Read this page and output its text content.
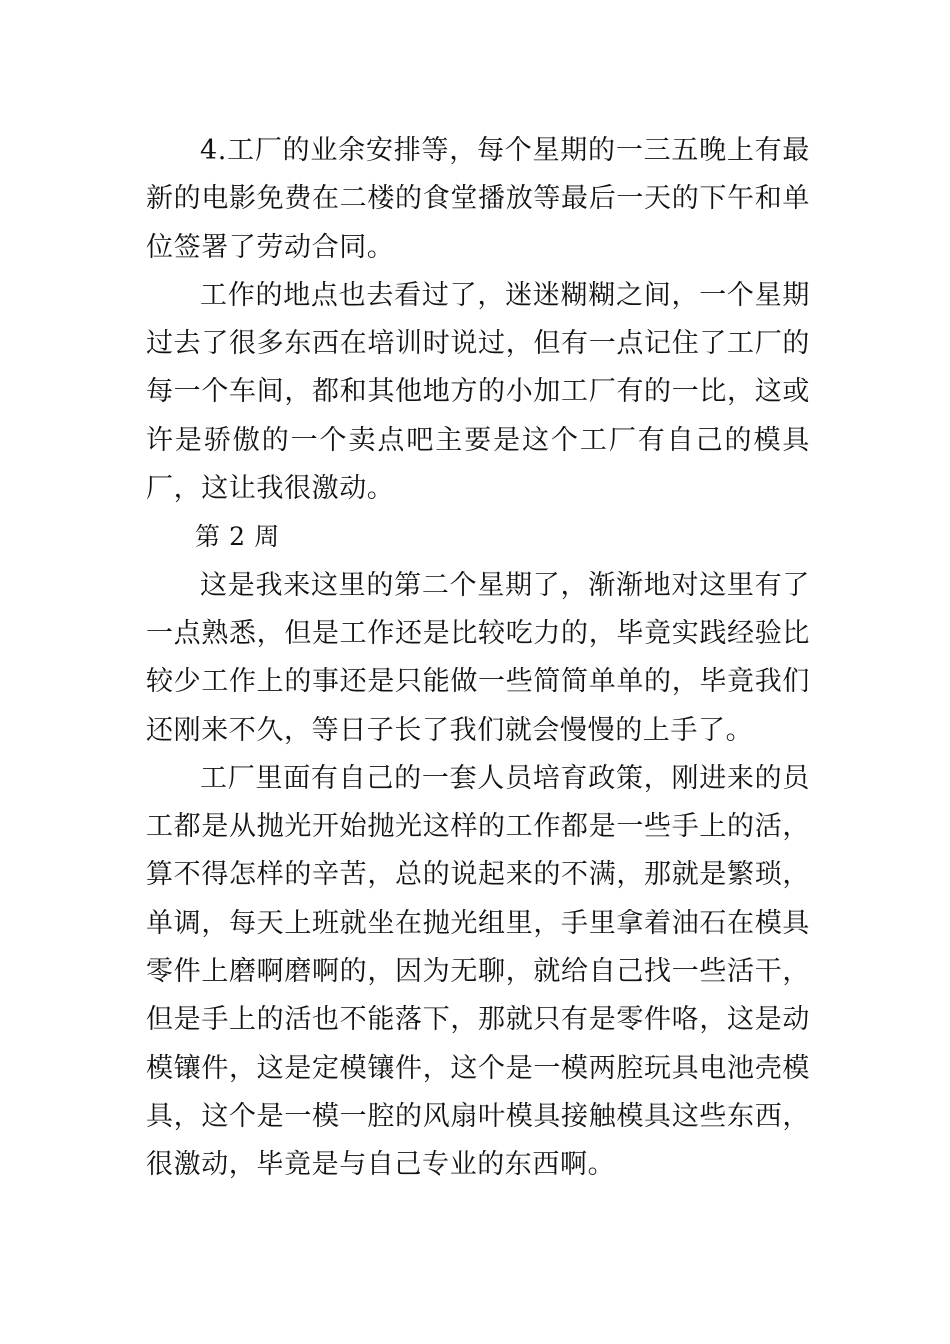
4.工厂的业余安排等，每个星期的一三五晚上有最新的电影免费在二楼的食堂播放等最后一天的下午和单位签署了劳动合同。

工作的地点也去看过了，迷迷糊糊之间，一个星期过去了很多东西在培训时说过，但有一点记住了工厂的每一个车间，都和其他地方的小加工厂有的一比，这或许是骄傲的一个卖点吧主要是这个工厂有自己的模具厂，这让我很激动。

第 2 周

这是我来这里的第二个星期了，渐渐地对这里有了一点熟悉，但是工作还是比较吃力的，毕竟实践经验比较少工作上的事还是只能做一些简简单单的，毕竟我们还刚来不久，等日子长了我们就会慢慢的上手了。

工厂里面有自己的一套人员培育政策，刚进来的员工都是从抛光开始抛光这样的工作都是一些手上的活，算不得怎样的辛苦，总的说起来的不满，那就是繁琐，单调，每天上班就坐在抛光组里，手里拿着油石在模具零件上磨啊磨啊的，因为无聊，就给自己找一些活干，但是手上的活也不能落下，那就只有是零件咯，这是动模镶件，这是定模镶件，这个是一模两腔玩具电池壳模具，这个是一模一腔的风扇叶模具接触模具这些东西，很激动，毕竟是与自己专业的东西啊。
